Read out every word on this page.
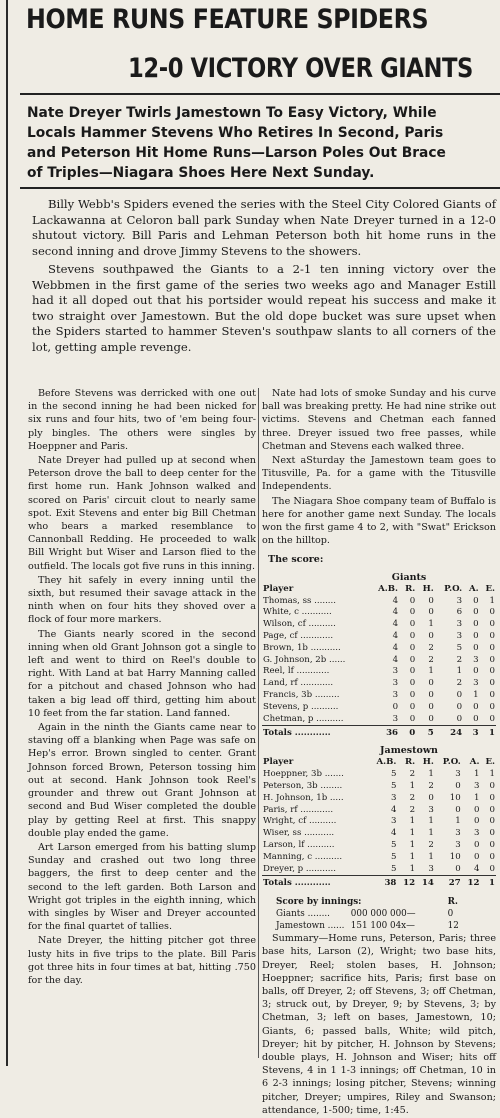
HOME RUNS FEATURE SPIDERS
12-0 VICTORY OVER GIANTS
Nate Dreyer Twirls Jamestown To Easy Victory, While
Locals Hammer Stevens Who Retires In Second, Paris
and Peterson Hit Home Runs—Larson Poles Out Brace
of Triples—Niagara Shoes Here Next Sunday.

Billy Webb's Spiders evened the series with the Steel City Colored Giants of Lackawanna at Celoron ball park Sunday when Nate Dreyer turned in a 12-0 shutout victory. Bill Paris and Lehman Peterson both hit home runs in the second inning and drove Jimmy Stevens to the showers.

Stevens southpawed the Giants to a 2-1 ten inning victory over the Webbmen in the first game of the series two weeks ago and Manager Estill had it all doped out that his portsider would repeat his success and make it two straight over Jamestown. But the old dope bucket was sure upset when the Spiders started to hammer Steven's southpaw slants to all corners of the lot, getting ample revenge.

Before Stevens was derricked with one out in the second inning he had been nicked for six runs and four hits, two of 'em being four-ply bingles. The others were singles by Hoeppner and Paris.

Nate Dreyer had pulled up at second when Peterson drove the ball to deep center for the first home run. Hank Johnson walked and scored on Paris' circuit clout to nearly same spot. Exit Stevens and enter big Bill Chetman who bears a marked resemblance to Cannonball Redding. He proceeded to walk Bill Wright but Wiser and Larson flied to the outfield. The locals got five runs in this inning.

They hit safely in every inning until the sixth, but resumed their savage attack in the ninth when on four hits they shoved over a flock of four more markers.

The Giants nearly scored in the second inning when old Grant Johnson got a single to left and went to third on Reel's double to right. With Land at bat Harry Manning called for a pitchout and chased Johnson who had taken a big lead off third, getting him about 10 feet from the far station. Land fanned.

Again in the ninth the Giants came near to staving off a blanking when Page was safe on Hep's error. Brown singled to center. Grant Johnson forced Brown, Peterson tossing him out at second. Hank Johnson took Reel's grounder and threw out Grant Johnson at second and Bud Wiser completed the double play by getting Reel at first. This snappy double play ended the game.

Art Larson emerged from his batting slump Sunday and crashed out two long three baggers, the first to deep center and the second to the left garden. Both Larson and Wright got triples in the eighth inning, which with singles by Wiser and Dreyer accounted for the final quartet of tallies.

Nate Dreyer, the hitting pitcher got three lusty hits in five trips to the plate. Bill Paris got three hits in four times at bat, hitting .750 for the day.

Nate had lots of smoke Sunday and his curve ball was breaking pretty. He had nine strike out victims. Stevens and Chetman each fanned three. Dreyer issued two free passes, while Chetman and Stevens each walked three.

Next aSturday the Jamestown team goes to Titusville, Pa. for a game with the Titusville Independents.

The Niagara Shoe company team of Buffalo is here for another game next Sunday. The locals won the first game 4 to 2, with "Swat" Erickson on the hilltop.

The score:
Giants
Player	A.B.	R.	H.	P.O.	A.	E.
Thomas, ss ........	4	0	0	3	0	1
White, c ...........	4	0	0	6	0	0
Wilson, cf ..........	4	0	1	3	0	0
Page, cf ............	4	0	0	3	0	0
Brown, 1b ...........	4	0	2	5	0	0
G. Johnson, 2b ......	4	0	2	2	3	0
Reel, lf ............	3	0	1	1	0	0
Land, rf ............	3	0	0	2	3	0
Francis, 3b .........	3	0	0	0	1	0
Stevens, p ..........	0	0	0	0	0	0
Chetman, p ..........	3	0	0	0	0	0
Totals ............	36	0	5	24	3	1
Jamestown
Player	A.B.	R.	H.	P.O.	A.	E.
Hoeppner, 3b .......	5	2	1	3	1	1
Peterson, 3b ........	5	1	2	0	3	0
H. Johnson, 1b .....	3	2	0	10	1	0
Paris, rf ............	4	2	3	0	0	0
Wright, cf ..........	3	1	1	1	0	0
Wiser, ss ...........	4	1	1	3	3	0
Larson, lf ..........	5	1	2	3	0	0
Manning, c ..........	5	1	1	10	0	0
Dreyer, p ...........	5	1	3	0	4	0
Totals ............	38	12	14	27	12	1
Score by innings:	R.
Giants ........ 000 000 000—	0
Jamestown ...... 151 100 04x—	12

Summary—Home runs, Peterson, Paris; three base hits, Larson (2), Wright; two base hits, Dreyer, Reel; stolen bases, H. Johnson; Hoeppner; sacrifice hits, Paris; first base on balls, off Dreyer, 2; off Stevens, 3; off Chetman, 3; struck out, by Dreyer, 9; by Stevens, 3; by Chetman, 3; left on bases, Jamestown, 10; Giants, 6; passed balls, White; wild pitch, Dreyer; hit by pitcher, H. Johnson by Stevens; double plays, H. Johnson and Wiser; hits off Stevens, 4 in 1 1-3 innings; off Chetman, 10 in 6 2-3 innings; losing pitcher, Stevens; winning pitcher, Dreyer; umpires, Riley and Swanson; attendance, 1-500; time, 1:45.
